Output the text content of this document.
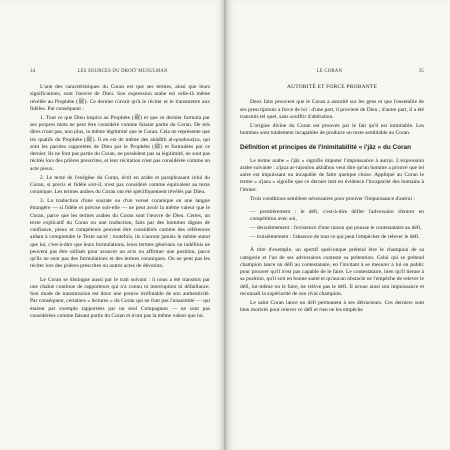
34	LES SOURCES DU DROIT MUSULMAN

L'une des caractéristiques du Coran est que ses termes, ainsi que leurs significations, sont l'œuvre de Dieu. Son expression arabe est celle-là même révélée au Prophète (ﷺ). Ce dernier n'avait qu'à le réciter et le transmettre aux fidèles. Par conséquent :

1. Tout ce que Dieu inspira au Prophète (ﷺ) et que ce dernier formula par ses propres mots ne peut être considéré comme faisant partie du Coran. De tels dires n'ont pas, non plus, la même légitimité que le Coran. Cela ne représente que les qualifs du Prophète (ﷺ). Il en est de même des ahâdîth al-qoudousiya, qui sont les paroles rapportées de Dieu par le Prophète (ﷺ) et formulées par ce dernier. Ils ne font pas partie du Coran, ne possèdent pas sa légitimité, ne sont pas récités lors des prières prescrites, et leur récitation n'est pas considérée comme un acte pieux.

2. Le texte de l'exégèse du Coran, écrit en arabe et paraphrasant celui du Coran, si précis et fidèle soit-il, n'est pas considéré comme équivalent au texte coranique. Les termes arabes du Coran ont été spécifiquement révélés par Dieu.

3. La traduction d'une sourate ou d'un verset coranique en une langue étrangère — si fidèle et précise soit-elle — ne peut avoir la même valeur que le Coran, parce que les termes arabes du Coran sont l'œuvre de Dieu. Certes, un texte explicatif du Coran ou une traduction, faits par des hommes dignes de confiance, pieux et compétents peuvent être considérés comme des références aidant à comprendre le Texte sacré ; toutefois, ils n'auront jamais le même statut que lui, c'est-à-dire que leurs formulations, leurs termes généraux ou indéfinis ne peuvent pas être utilisés pour avancer un avis ou affirmer une position, parce qu'ils ne sont pas des formulations et des termes coraniques. On ne peut pas les réciter lors des prières prescrites ou autres actes de dévotion.

Le Coran se distingue aussi par le trait suivant : il nous a été transmis par une chaîne continue de rapporteurs qui n'a connu ni interruption ni défaillance. Son mode de transmission est donc une preuve irréfutable de son authenticité. Par conséquent, certaines « lectures » du Coran qui ne font pas l'unanimité — qui étaient par exemple rapportées par un seul Compagnon — ne sont pas considérées comme faisant partie du Coran et n'ont pas la même valeur que lui.

LE CORAN	35
AUTORITÉ ET FORCE PROBANTE

Deux faits prouvent que le Coran a autorité sur les gens et que l'ensemble de ses prescriptions a force de loi : d'une part, il provient de Dieu ; d'autre part, il a été transmis tel quel, sans souffrir d'altération.

L'origine divine du Coran est prouvée par le fait qu'il est inimitable. Les hommes sont totalement incapables de produire un texte semblable au Coran.

Définition et principes de l'inimitabilité « i'jâz » du Coran

Le terme arabe « i'jâz » signifie imputer l'impuissance à autrui. L'expression arabe suivante : a'jaza ar-rajoulou akhâhou veut dire qu'un homme a prouvé que tel autre est impuissant ou incapable de faire quelque chose. Appliqué au Coran le terme « a'jaza » signifie que ce dernier met en évidence l'incapacité des humains à l'imiter.

Trois conditions semblent nécessaires pour prouver l'impuissance d'autrui :

— premièrement : le défi, c'est-à-dire défier l'adversaire d'entrer en compétition avec soi,

— deuxièmement : l'existence d'une raison qui pousse le contestataire au défi,

— troisièmement : l'absence de tout ce qui peut l'empêcher de relever le défi.

À titre d'exemple, un sportif quelconque prétend être le champion de sa catégorie et l'un de ses adversaires conteste sa prétention. Celui qui se prétend champion lance un défi au contestataire, en l'invitant à se mesurer à lui en public pour prouver qu'il n'est pas capable de le faire. Le contestataire, bien qu'il tienne à sa position, qu'il soit en bonne santé et qu'aucun obstacle ne l'empêche de relever le défi, lui-même ou le faire, ne relève pas le défi. Il avoue ainsi son impuissance et reconnaît la supériorité de son rival champion.

Le saint Coran lance un défi permanent à ses détracteurs. Ces derniers sont bien motivés pour relever ce défi et rien ne les empêche
